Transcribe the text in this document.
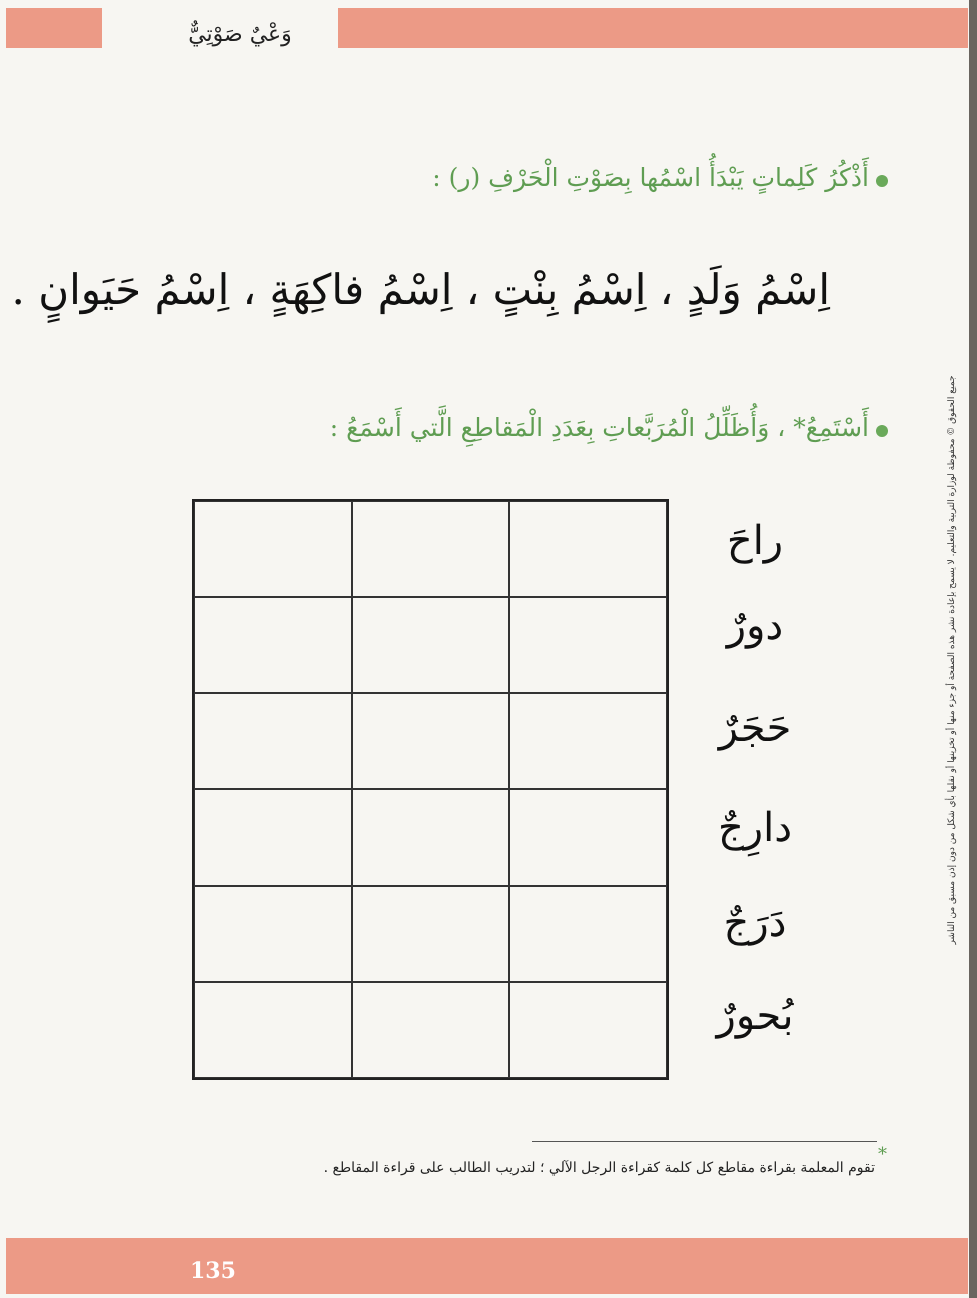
وَعْيٌ صَوْتِيٌّ
أَذْكُرُ كَلِماتٍ يَبْدَأُ اسْمُها بِصَوْتِ الْحَرْفِ (ر) :
اِسْمُ وَلَدٍ ، اِسْمُ بِنْتٍ ، اِسْمُ فاكِهَةٍ ، اِسْمُ حَيَوانٍ .
أَسْتَمِعُ* ، وَأُظَلِّلُ الْمُرَبَّعاتِ بِعَدَدِ الْمَقاطِعِ الَّتي أَسْمَعُ :
راحَ
دورٌ
حَجَرٌ
دارِجٌ
دَرَجٌ
بُحورٌ
*
تقوم المعلمة بقراءة مقاطع كل كلمة كقراءة الرجل الآلي ؛ لتدريب الطالب على قراءة المقاطع .
جميع الحقوق © محفوظة لوزارة التربية والتعليم. لا يسمح بإعادة نشر هذه الصفحة أو جزء منها أو تخزينها أو نقلها بأي شكل من دون إذن مسبق من الناشر
135
